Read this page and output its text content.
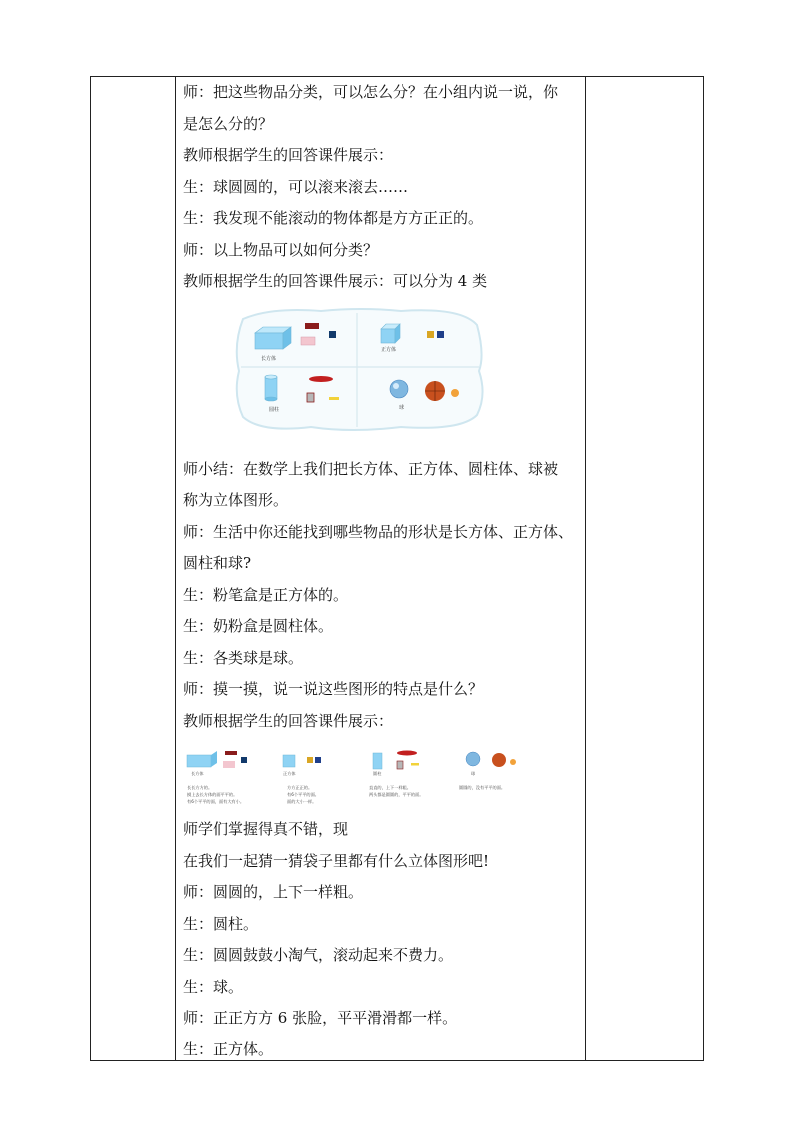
师：把这些物品分类，可以怎么分？在小组内说一说，你
是怎么分的？
教师根据学生的回答课件展示：
生：球圆圆的，可以滚来滚去……
生：我发现不能滚动的物体都是方方正正的。
师：以上物品可以如何分类？
教师根据学生的回答课件展示：可以分为 4 类
长方体
正方体
圆柱	球
师小结：在数学上我们把长方体、正方体、圆柱体、球被
称为立体图形。
师：生活中你还能找到哪些物品的形状是长方体、正方体、
圆柱和球?
生：粉笔盒是正方体的。
生：奶粉盒是圆柱体。
生：各类球是球。
师：摸一摸，说一说这些图形的特点是什么？
教师根据学生的回答课件展示：
长方体
长长方方的。
摸上去长方体的面平平的。
有6个平平的面，面有大有小。
正方体
方方正正的。
有6个平平的面。
面的大小一样。
圆柱
直直的，上下一样粗。
两头都是圆圆的，平平的面。
球
圆圆的，没有平平的面。
师学们掌握得真不错，现
在我们一起猜一猜袋子里都有什么立体图形吧!
师：圆圆的，上下一样粗。
生：圆柱。
生：圆圆鼓鼓小淘气，滚动起来不费力。
生：球。
师：正正方方 6 张脸，平平滑滑都一样。
生：正方体。
